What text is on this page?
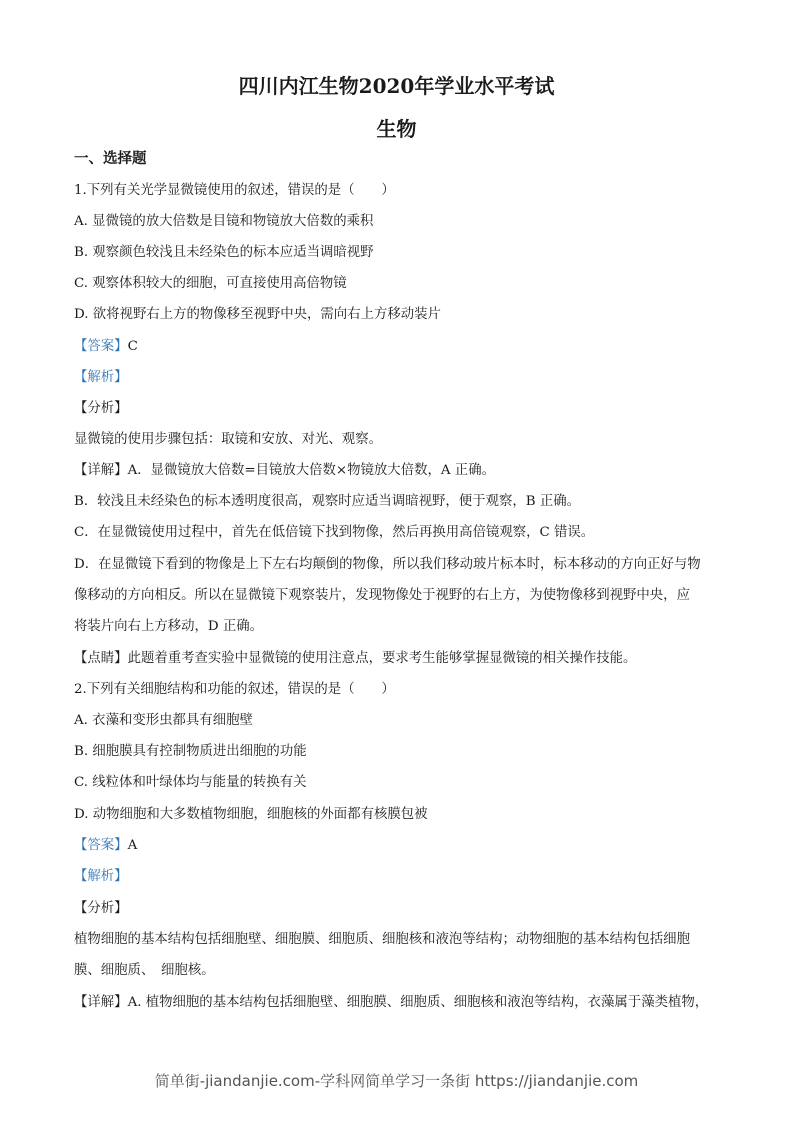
四川内江生物2020年学业水平考试
生物
一、选择题
1.下列有关光学显微镜使用的叙述，错误的是（　　）
A. 显微镜的放大倍数是目镜和物镜放大倍数的乘积
B. 观察颜色较浅且未经染色的标本应适当调暗视野
C. 观察体积较大的细胞，可直接使用高倍物镜
D. 欲将视野右上方的物像移至视野中央，需向右上方移动装片
【答案】C
【解析】
【分析】
显微镜的使用步骤包括：取镜和安放、对光、观察。
【详解】A．显微镜放大倍数=目镜放大倍数×物镜放大倍数，A 正确。
B．较浅且未经染色的标本透明度很高，观察时应适当调暗视野，便于观察，B 正确。
C．在显微镜使用过程中，首先在低倍镜下找到物像，然后再换用高倍镜观察，C 错误。
D．在显微镜下看到的物像是上下左右均颠倒的物像，所以我们移动玻片标本时，标本移动的方向正好与物
像移动的方向相反。所以在显微镜下观察装片，发现物像处于视野的右上方，为使物像移到视野中央，应
将装片向右上方移动，D 正确。
【点睛】此题着重考查实验中显微镜的使用注意点，要求考生能够掌握显微镜的相关操作技能。
2.下列有关细胞结构和功能的叙述，错误的是（　　）
A. 衣藻和变形虫都具有细胞壁
B. 细胞膜具有控制物质进出细胞的功能
C. 线粒体和叶绿体均与能量的转换有关
D. 动物细胞和大多数植物细胞，细胞核的外面都有核膜包被
【答案】A
【解析】
【分析】
植物细胞的基本结构包括细胞壁、细胞膜、细胞质、细胞核和液泡等结构；动物细胞的基本结构包括细胞
膜、细胞质、　细胞核。
【详解】A. 植物细胞的基本结构包括细胞壁、细胞膜、细胞质、细胞核和液泡等结构，衣藻属于藻类植物，
简单街-jiandanjie.com-学科网简单学习一条街 https://jiandanjie.com
